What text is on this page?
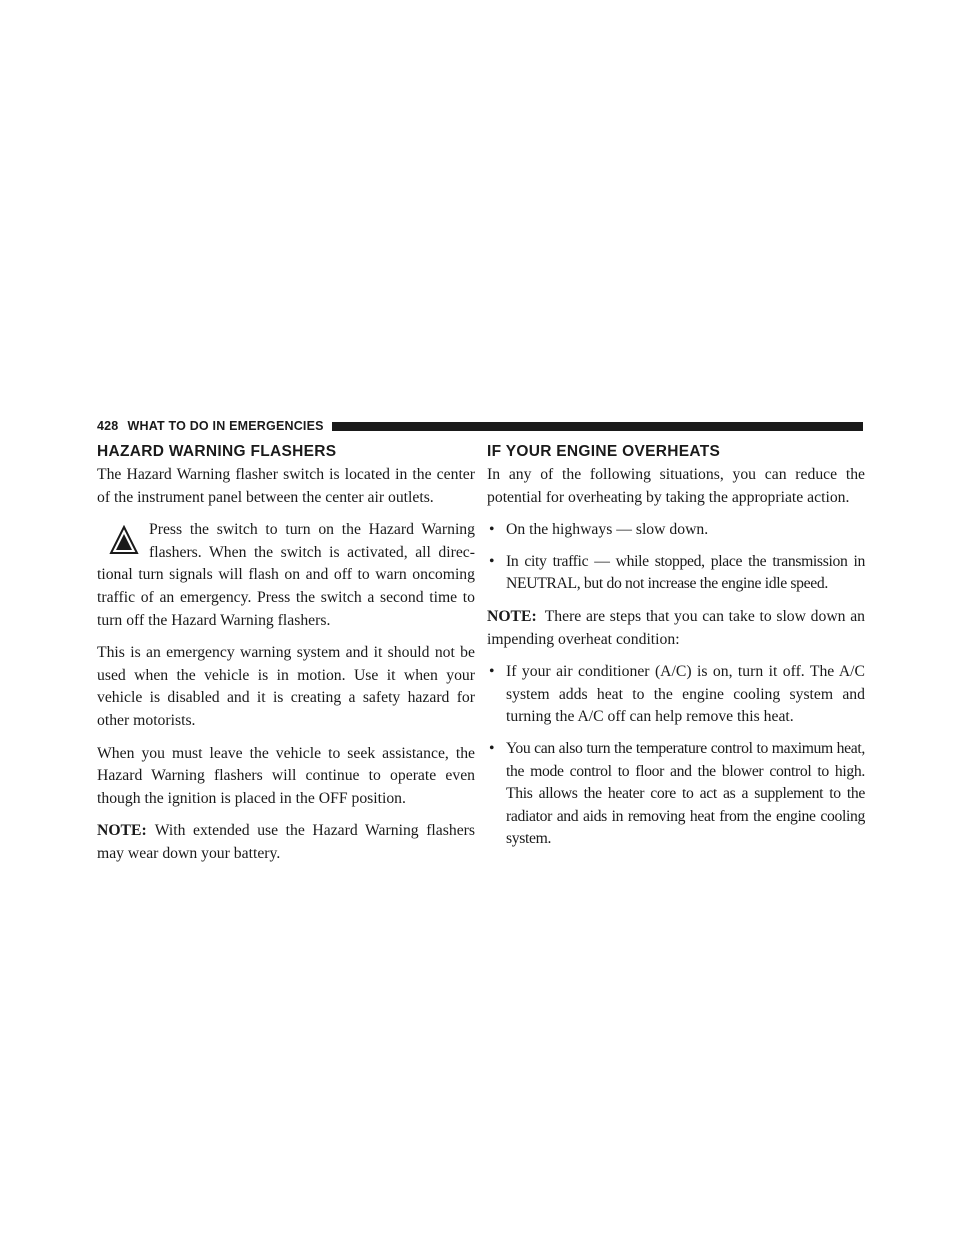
428 WHAT TO DO IN EMERGENCIES
HAZARD WARNING FLASHERS

The Hazard Warning flasher switch is located in the center of the instrument panel between the center air outlets.

Press the switch to turn on the Hazard Warning flashers. When the switch is activated, all direc-tional turn signals will flash on and off to warn oncoming traffic of an emergency. Press the switch a second time to turn off the Hazard Warning flashers.

This is an emergency warning system and it should not be used when the vehicle is in motion. Use it when your vehicle is disabled and it is creating a safety hazard for other motorists.

When you must leave the vehicle to seek assistance, the Hazard Warning flashers will continue to operate even though the ignition is placed in the OFF position.

NOTE: With extended use the Hazard Warning flashers may wear down your battery.

IF YOUR ENGINE OVERHEATS

In any of the following situations, you can reduce the potential for overheating by taking the appropriate action.

• On the highways — slow down.
• In city traffic — while stopped, place the transmission in NEUTRAL, but do not increase the engine idle speed.

NOTE: There are steps that you can take to slow down an impending overheat condition:

• If your air conditioner (A/C) is on, turn it off. The A/C system adds heat to the engine cooling system and turning the A/C off can help remove this heat.
• You can also turn the temperature control to maximum heat, the mode control to floor and the blower control to high. This allows the heater core to act as a supplement to the radiator and aids in removing heat from the engine cooling system.
